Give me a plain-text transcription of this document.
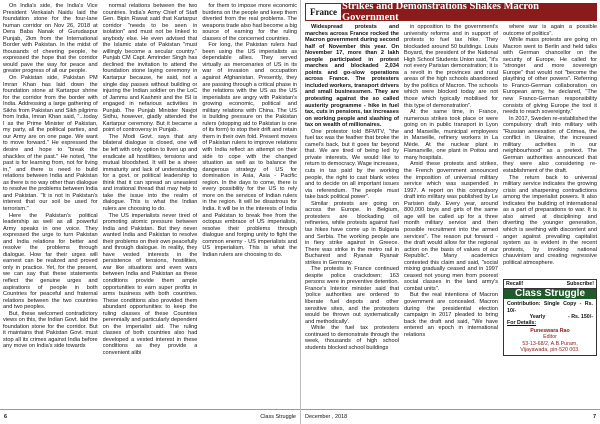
On India's side, the India's Vice President Venkaiah Naidu laid the foundation stone for the four-lane human corridor on Nov 26, 2018 at Dera Baba Nanak of Gurudaspur Punjab, 2km from the International Border with Pakistan. In the midst of thousands of cheering people, he expressed the hope that the corridor would pave the way for peace and greater progress of all our people.

On Pakistan side, Pakistan PM Imran Khan has laid down the foundation stone at Kartarpur shrine for the corridor from the border with India. Addressing a large gathering of Sikhs from Pakistan and Sikh pilgrims from India, Imran Khan said, "...today I as the Prime Minister of Pakistan, my party, all the political parties, and our Army are on one page. We want to move forward." He expressed the desire and hope to "break the shackles of the past." He noted, "the past is for learning from, not for living in," and there is need to build relations between India and Pakistan as there is no way other than dialogue to resolve the problems between India and Pakistan. "It is not in Pakistan's interest that our soil be used for terrorism."

Here the Pakistan's political leadership as well as all powerful Army speaks in one voice. They expressed the urge to turn Pakistan and India relations for better and resolve the problems through dialogue. How far their urges will earnest can be realized and proved only in practice. Yet, for the present, we can say that these statements reflect the genuine urges and aspirations of people in both Countries for peaceful and fraternal relations between the two countries and two peoples.

But, these welcomed contradictory views on this, the Indian Govt. laid the foundation stone for the corridor. But it maintains that Pakistan Govt. must stop all its crimes against India before any move on India's side towards

normal relations between the two countries. India's Army Chief of Staff Gen. Bipin Rawat said that Kartarpur corridor "needs to be seen in isolation" and must not be linked to anybody else. He even advised that the Islamic state of Pakistan "must willingly become a secular country." Punjab CM Capt. Amrinder Singh has declined the invitation to attend the foundation stone laying ceremony in Kartarpur because, he said, not a single day passes without building or injuring the Indian soldier on the LoC of Jammu and Kashmir and the ISI is engaged in nefarious activities in Punjab. The Punjab Minister Navjot Sidhu, however, gladly attended the Kartarpur ceremony. But it became a point of controversy in Punjab.

The Modi Govt. says that any bilateral dialogue is closed, one will be left with only option to liven up and eradicate all hostilities, tensions and mutual bloodshed. It will be a sheer immaturity and lack of understanding for a govt. or political leadership to think that it can spread an uneasiest and irrational thread that may help to take the issue into the realm of dialogue. This is what the Indian rulers are choosing to do.

The US imperialists never tired of promoting atomic pressure between India and Pakistan. But they never wanted India and Pakistan to resolve their problems on their own peacefully and through dialogue. In reality, they have vested interests in the persistence of tensions, hostilities, war like situations and even wars between India and Pakistan as these conditions provide them ample opportunities to earn super profits in arms business with both countries. These conditions also provided them abundant opportunities to keep the ruling classes of these Countries perennially and particularly dependent on the imperialist aid. The ruling classes of both countries also had developed a vested interest in these conditions as they provide a convenient alibi

for them to impose more economic burdens on the people and keep them diverted from the real problems. The weapons trade also had become a big source of earning for the ruling classes of the concerned countries.

For long, the Pakistan rulers had been using the US imperialists as dependable allies. They served virtually as mercenaries of US in its war of invasion and occupation against Afghanistan. Presently, they are passing through a critical phase in the relations with the US as the US imperialists are angry with Pakistan's growing economic, political and military relations with China. The US is building pressure on the Pakistan rulers (stopping aid to Pakistan is one of its form) to stop their drift and retain them in their own fold. Present moves of Pakistan rulers to improve relations with India reflect an attempt on their side to cope with the changed situation as well as to balance the dangerous strategy of US for domination in Asia, Asia - Pacific region. In the days to come, there is every possibility for the US to rely more on the services of Indian rulers in the region. It will be disastrous for India. It will be in the interests of India and Pakistan to break free from the octopus embrace of US imperialists, resolve their problems through dialogue and forging unity to fight the common enemy - US imperialists and US imperialism. This is what the Indian rulers are choosing to do.

6	Class Struggle
France Strikes and Demonstrations Shakes Macron Government

Widespread protests and marches across France rocked the Macron government during second half of November this year. On November 17, more than 2 lakh people participated in protest marches and blockaded 2,034 points and go-slow operations across France. The protesters included workers, transport drivers and small businessmen. They are protesting against the so called austerity programme - hike in fuel tax, cuts in pensions, tax increases on working people and slashing of tax on wealth of millionaires.

One protestor told BFMTV, "the fuel tax was the feather that broke the camel's back, but it goes far beyond that. We are tired of being led by private interests. We would like to return to democracy. Wage increases, cuts in tax paid by the working people, the right to cast blank votes and to decide on all important issues via referendum. The people must take back political power".

Similar protests are going on across the Europe. In Belgium, protesters are blockading oil refineries, while protests against fuel tax hikes have come up in Bulgaria and Serbia. The working people are in fiery strike against in Greece. There was strike in the metro rail in Bucharest and Ryanair Ryanair strikes in Germany.

The protests in France continued despite police crackdown; 163 persons were in preventive detention. France's Interior minister said that 'police authorities are ordered to liberate fuel depots and other sensitive sites, and the protesters would be thrown out systematically and methodically'.

While the fuel tax protesters continued to demonstrate through the week, thousands of high school students blocked school buildings

in opposition to the government's university reforms and in support of protests to fuel tax hike. They blockaded around 50 buildings. Louis Boyard, the president of the National High School Students Union said, "it's not every Parisian demonstration; it is a revolt in the provinces and rural areas of the high schools abandoned by the politics of Macron. The schools which were blocked today are not those which typically mobilised for this type of demonstration".

At the same time, in France, numerous strikes took place or were going on in public transport in Lyon and Marseille, municipal employees in Marseille, refinery workers in La Mède. At the nuclear plant in Flamanville, one plant in Poitou and many hospitals.

Amid these protests and strikes, the French government announced the imposition of universal military service which was suspended in 1997. A report on this compulsory draft into military was published by Le Parisien daily. Every year, around 800,000 boys and girls of the same age will be called up for a three month military service and then possible recruitment into the armed services". The reason put forward - the draft would allow for the regional action on the basis of values of our Republic". Many academics contested this claim and said, "social mixing gradually ceased and in 1997 ceased not young men from poorest social classes in the land army's combat units".

But the real intentions of Macron government are concealed. Macron during the presidential election campaign in 2017 pleaded to bring back the draft and said, "We have entered an epoch in international relations

where war is again a possible outcome of politics".

While mass protests are going on Macron went to Berlin and held talks with German chancellor on the security of Europe. He called for "stronger and more sovereign Europe" that would not "become the plaything of other powers". Referring to Franco-German collaboration on European army, he declared, "The new Franco-German responsibility consists of giving Europe the tool it needs to reach sovereignty."

In 2017, Sweden re-established the compulsory draft into military with "Russian annexation of Crimea, the conflict in Ukraine, the increased military activities in our neighbourhood" as a pretext. The German authorities announced that they were also considering re-establishment of the draft.

The return back to universal military service indicates the growing crisis and sharpening contradictions among the imperialist powers. It also indicates the building of international as a part of preparations to war. It is also aimed at disciplining and diverting the younger generation, which is seething with discontent and anger against prevailing capitalist system as is evident in the recent protests, by invoking national chauvinism and creating regressive political atmosphere.

Recall!	Subscribe!
Class Struggle
Contribution: Single Copy - Rs. 10/-
Yearly	- Rs. 150/-
For Details:
Puneswara Rao
Editor
53-13-68/2, A.B.Puram,
Vijayawada, pin-520 003.
December , 2018	7
